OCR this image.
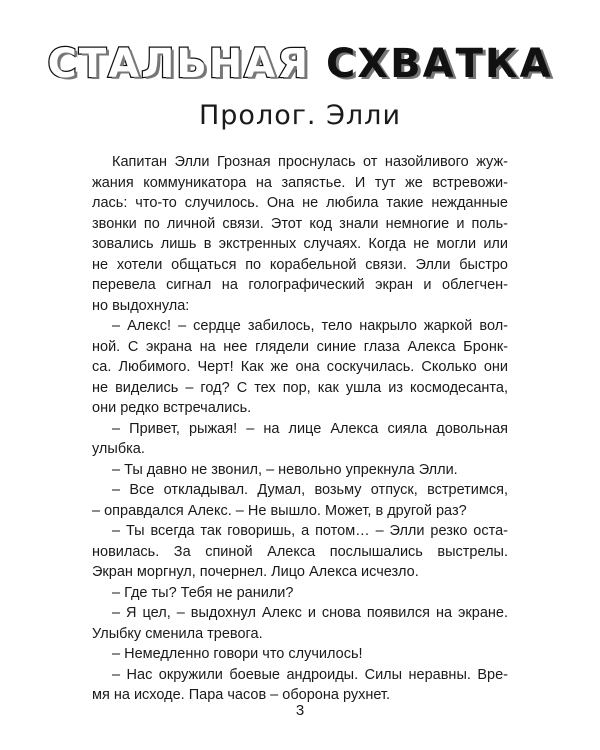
СТАЛЬНАЯ СХВАТКА
Пролог. Элли
Капитан Элли Грозная проснулась от назойливого жуж-
жания коммуникатора на запястье. И тут же встревожи-
лась: что-то случилось. Она не любила такие нежданные
звонки по личной связи. Этот код знали немногие и поль-
зовались лишь в экстренных случаях. Когда не могли или
не хотели общаться по корабельной связи. Элли быстро
перевела сигнал на голографический экран и облегчен-
но выдохнула:
– Алекс! – сердце забилось, тело накрыло жаркой вол-
ной. С экрана на нее глядели синие глаза Алекса Бронк-
са. Любимого. Черт! Как же она соскучилась. Сколько они
не виделись – год? С тех пор, как ушла из космодесанта,
они редко встречались.
– Привет, рыжая! – на лице Алекса сияла довольная
улыбка.
– Ты давно не звонил, – невольно упрекнула Элли.
– Все откладывал. Думал, возьму отпуск, встретимся,
– оправдался Алекс. – Не вышло. Может, в другой раз?
– Ты всегда так говоришь, а потом… – Элли резко оста-
новилась. За спиной Алекса послышались выстрелы.
Экран моргнул, почернел. Лицо Алекса исчезло.
– Где ты? Тебя не ранили?
– Я цел, – выдохнул Алекс и снова появился на экране.
Улыбку сменила тревога.
– Немедленно говори что случилось!
– Нас окружили боевые андроиды. Силы неравны. Вре-
мя на исходе. Пара часов – оборона рухнет.
3
